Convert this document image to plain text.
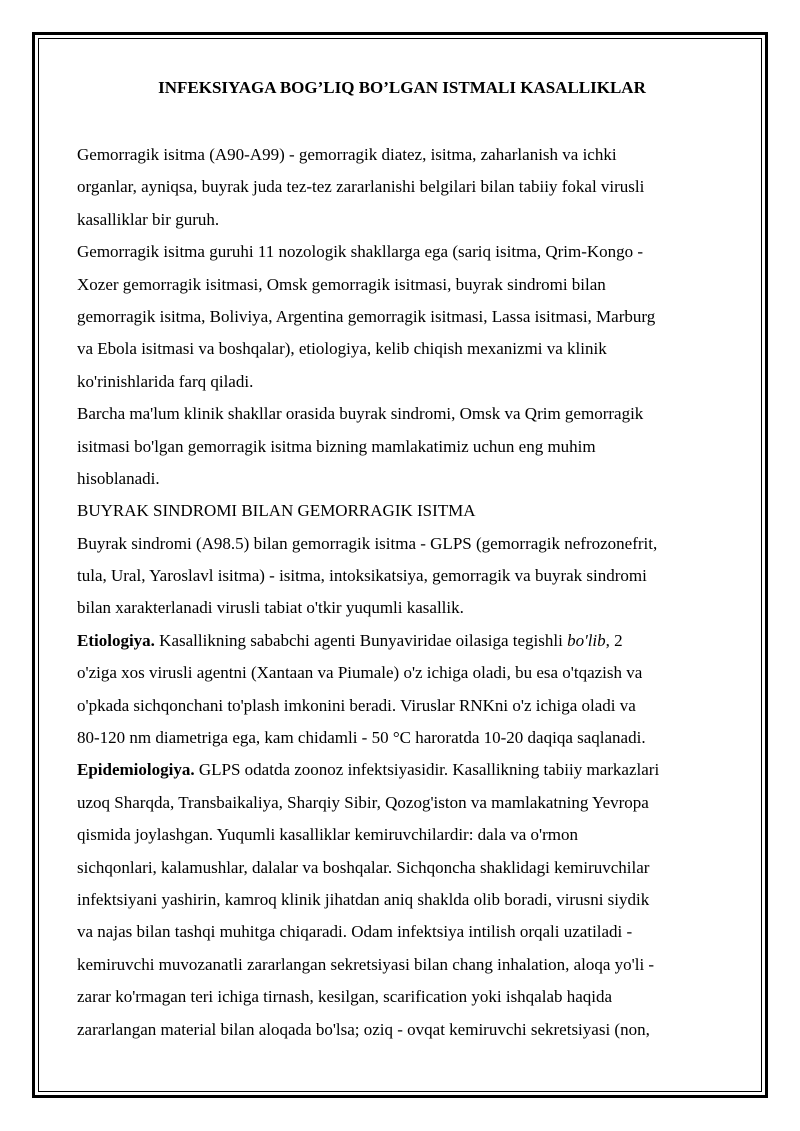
INFEKSIYAGA BOG’LIQ BO’LGAN ISTMALI KASALLIKLAR
Gemorragik isitma (A90-A99) - gemorragik diatez, isitma, zaharlanish va ichki
organlar, ayniqsa, buyrak juda tez-tez zararlanishi belgilari bilan tabiiy fokal virusli
kasalliklar bir guruh.
Gemorragik isitma guruhi 11 nozologik shakllarga ega (sariq isitma, Qrim-Kongo -
Xozer gemorragik isitmasi, Omsk gemorragik isitmasi, buyrak sindromi bilan
gemorragik isitma, Boliviya, Argentina gemorragik isitmasi, Lassa isitmasi, Marburg
va Ebola isitmasi va boshqalar), etiologiya, kelib chiqish mexanizmi va klinik
ko'rinishlarida farq qiladi.
Barcha ma'lum klinik shakllar orasida buyrak sindromi, Omsk va Qrim gemorragik
isitmasi bo'lgan gemorragik isitma bizning mamlakatimiz uchun eng muhim
hisoblanadi.
BUYRAK SINDROMI BILAN GEMORRAGIK ISITMA
Buyrak sindromi (A98.5) bilan gemorragik isitma - GLPS (gemorragik nefrozonefrit,
tula, Ural, Yaroslavl isitma) - isitma, intoksikatsiya, gemorragik va buyrak sindromi
bilan xarakterlanadi virusli tabiat o'tkir yuqumli kasallik.
Etiologiya. Kasallikning sababchi agenti Bunyaviridae oilasiga tegishli bo'lib, 2
o'ziga xos virusli agentni (Xantaan va Piumale) o'z ichiga oladi, bu esa o'tqazish va
o'pkada sichqonchani to'plash imkonini beradi. Viruslar RNKni o'z ichiga oladi va
80-120 nm diametriga ega, kam chidamli - 50 °C haroratda 10-20 daqiqa saqlanadi.
Epidemiologiya. GLPS odatda zoonoz infektsiyasidir. Kasallikning tabiiy markazlari
uzoq Sharqda, Transbaikaliya, Sharqiy Sibir, Qozog'iston va mamlakatning Yevropa
qismida joylashgan. Yuqumli kasalliklar kemiruvchilardir: dala va o'rmon
sichqonlari, kalamushlar, dalalar va boshqalar. Sichqoncha shaklidagi kemiruvchilar
infektsiyani yashirin, kamroq klinik jihatdan aniq shaklda olib boradi, virusni siydik
va najas bilan tashqi muhitga chiqaradi. Odam infektsiya intilish orqali uzatiladi -
kemiruvchi muvozanatli zararlangan sekretsiyasi bilan chang inhalation, aloqa yo'li -
zarar ko'rmagan teri ichiga tirnash, kesilgan, scarification yoki ishqalab haqida
zararlangan material bilan aloqada bo'lsa; oziq - ovqat kemiruvchi sekretsiyasi (non,
